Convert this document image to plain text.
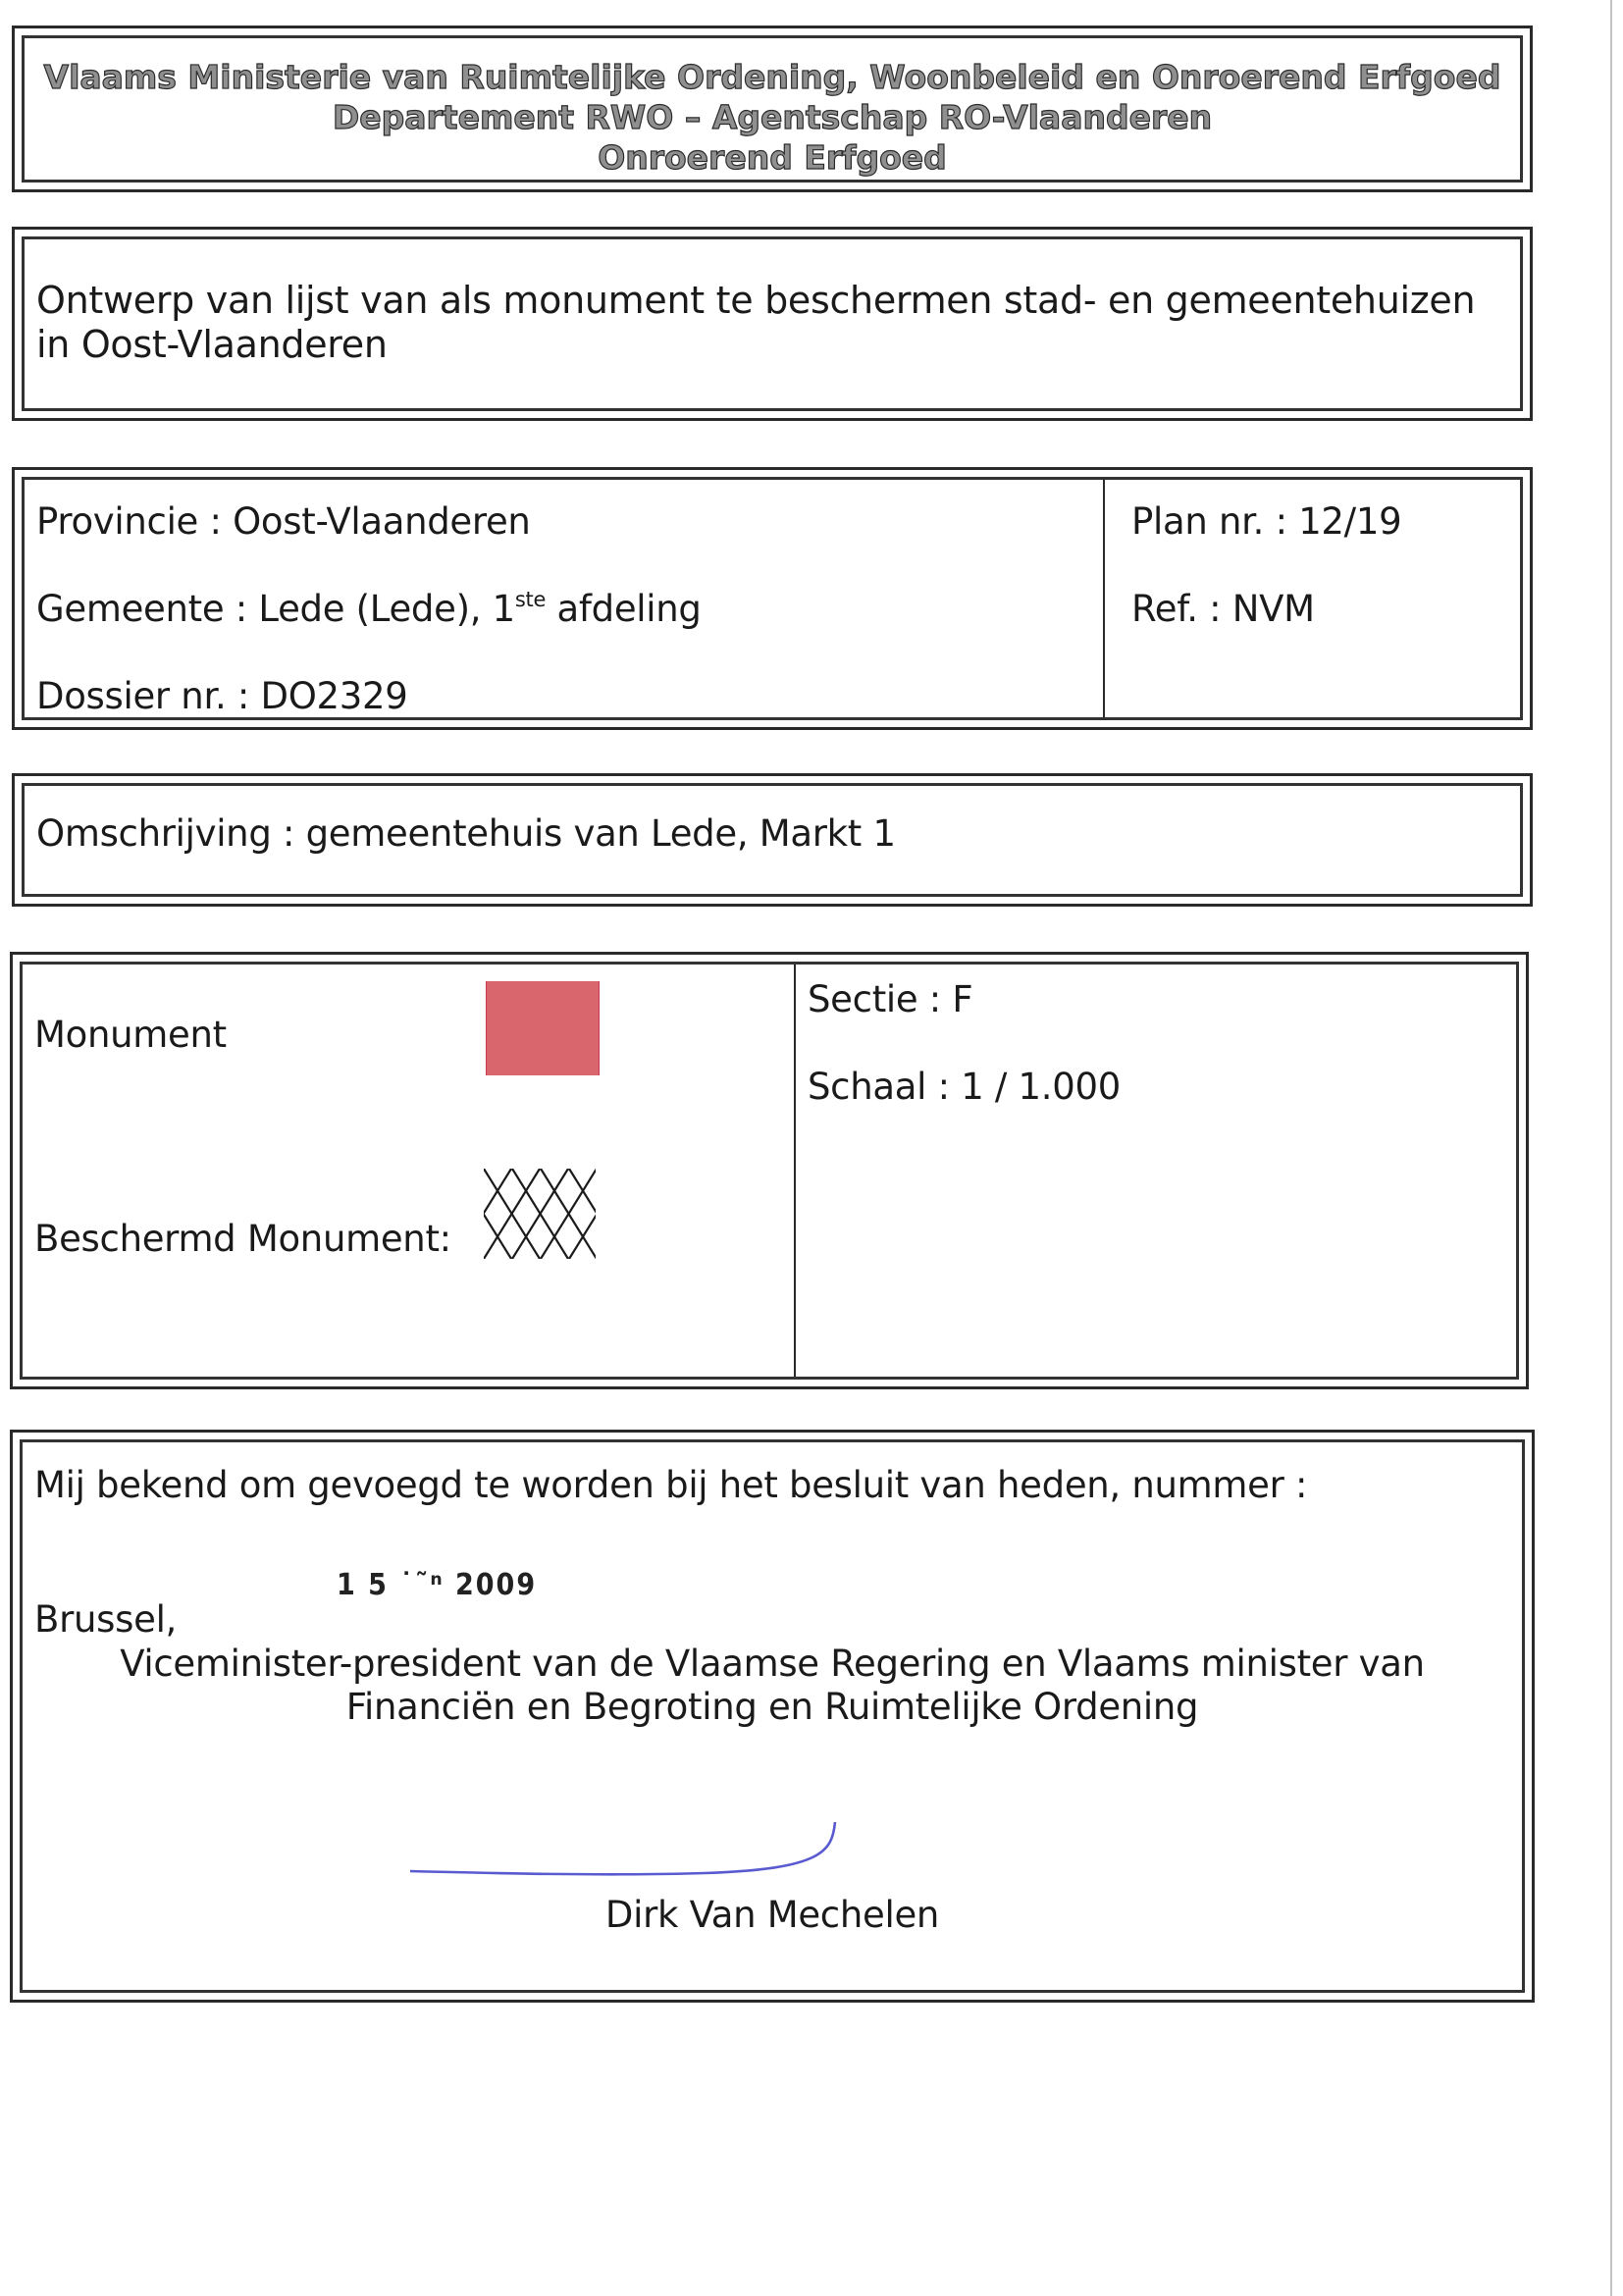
Vlaams Ministerie van Ruimtelijke Ordening, Woonbeleid en Onroerend Erfgoed
Departement RWO – Agentschap RO-Vlaanderen
Onroerend Erfgoed
Ontwerp van lijst van als monument te beschermen stad- en gemeentehuizen in Oost-Vlaanderen
Provincie : Oost-Vlaanderen
Gemeente : Lede (Lede), 1ste afdeling
Dossier nr. : DO2329
Plan nr. : 12/19
Ref. : NVM
Omschrijving : gemeentehuis van Lede, Markt 1
Monument
Beschermd Monument:
Sectie : F
Schaal : 1 / 1.000
Mij bekend om gevoegd te worden bij het besluit van heden, nummer :
1 5 ˙˜ⁿ 2009
Brussel,
Viceminister-president van de Vlaamse Regering en Vlaams minister van
Financiën en Begroting en Ruimtelijke Ordening
Dirk Van Mechelen
